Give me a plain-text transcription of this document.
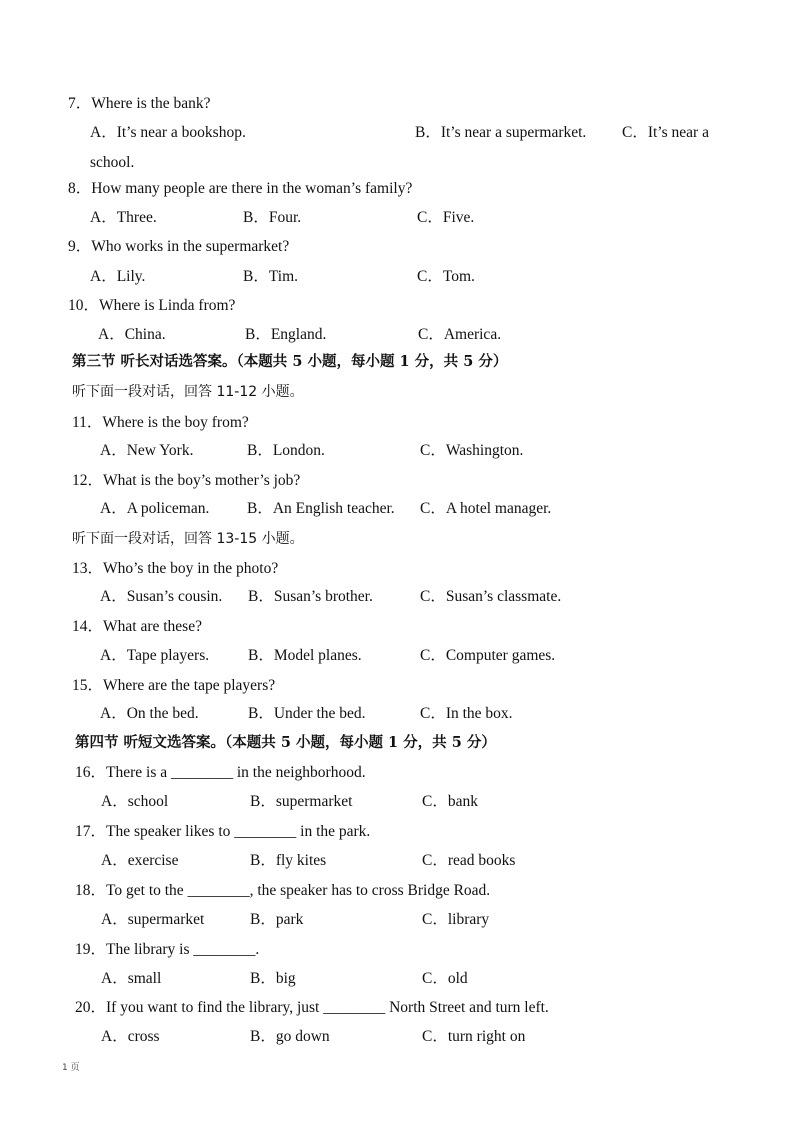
7．Where is the bank?
A．It’s near a bookshop.	B．It’s near a supermarket. C．It’s near a
school.
8．How many people are there in the woman’s family?
A．Three.	B．Four.	C．Five.
9．Who works in the supermarket?
A．Lily.	B．Tim.	C．Tom.
10．Where is Linda from?
A．China.	B．England.	C．America.
第三节 听长对话选答案。（本题共 5 小题，每小题 1 分，共 5 分）
听下面一段对话，回答 11-12 小题。
11．Where is the boy from?
A．New York.	B．London.	C．Washington.
12．What is the boy’s mother’s job?
A．A policeman. B．An English teacher. C．A hotel manager.
听下面一段对话，回答 13-15 小题。
13．Who’s the boy in the photo?
A．Susan’s cousin. B．Susan’s brother.	C．Susan’s classmate.
14．What are these?
A．Tape players.	B．Model planes.	C．Computer games.
15．Where are the tape players?
A．On the bed.	B．Under the bed.	C．In the box.
第四节 听短文选答案。（本题共 5 小题，每小题 1 分，共 5 分）
16．There is a ________ in the neighborhood.
A．school	B．supermarket	C．bank
17．The speaker likes to ________ in the park.
A．exercise	B．fly kites	C．read books
18．To get to the ________, the speaker has to cross Bridge Road.
A．supermarket	B．park	C．library
19．The library is ________.
A．small	B．big	C．old
20．If you want to find the library, just ________ North Street and turn left.
A．cross	B．go down	C．turn right on
1 页
